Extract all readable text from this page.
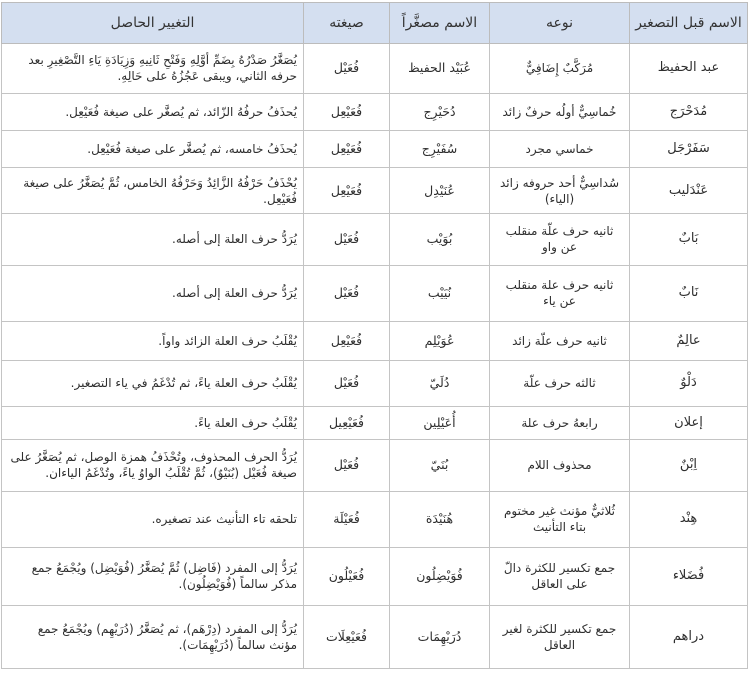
الاسم قبل التصغير	نوعه	الاسم مصغَّراً	صيغته	التغيير الحاصل
عبد الحفيظ	مُرَكَّبٌ إِضَافِيٌّ	عُبَيْد الحفيظ	فُعَيْل	يُصَغَّرُ صَدْرُهُ بِضَمِّ أوَّلِهِ وَفَتْحِ ثَانِيهِ وَزِيَادَةِ يَاءِ التَّصْغِيرِ بعد حرفه الثاني، ويبقى عَجُزُهُ على حَالِهِ.
مُدَحْرَج	خُماسِيٌّ أولُه حرفٌ زائد	دُحَيْرِج	فُعَيْعِل	يُحذَفُ حرفُهُ الزّائد، ثم يُصغَّر على صيغة فُعَيْعِل.
سَفَرْجَل	خماسي مجرد	سُفَيْرِج	فُعَيْعِل	يُحذَفُ خامسه، ثم يُصغَّر على صيغة فُعَيْعِل.
عَنْدَليب	سُداسِيٌّ أحد حروفه زائد (الياء)	عُنَيْدِل	فُعَيْعِل	يُحْذَفُ حَرْفُهُ الزَّائِدُ وَحَرْفُهُ الخامس، ثُمَّ يُصَغَّرُ على صيغة فُعَيْعِل.
بَابٌ	ثانيه حرف علّة منقلب عن واو	بُوَيْب	فُعَيْل	يُرَدُّ حرف العلة إلى أصله.
نَابٌ	ثانيه حرف علة منقلب عن ياء	نُيَيْب	فُعَيْل	يُرَدُّ حرف العلة إلى أصله.
عالِمٌ	ثانيه حرف علّة زائد	عُوَيْلِم	فُعَيْعِل	يُقْلَبُ حرف العلة الزائد واواً.
دَلْوٌ	ثالثه حرف علّة	دُلَيّ	فُعَيْل	يُقْلَبُ حرف العلة ياءً، ثم تُدْغَمُ في ياء التصغير.
إعلان	رابعهُ حرف علة	أُعَيْلِين	فُعَيْعِيل	يُقْلَبُ حرف العلة ياءً.
اِبْنٌ	محذوف اللام	بُنَيّ	فُعَيْل	يُرَدُّ الحرف المحذوف، وتُحْذَفُ همزة الوصل، ثم يُصَغَّرُ على صيغة فُعَيْل (بُنَيْوٌ)، ثُمَّ تُقْلَبُ الواوُ ياءً، وتُدْغَمُ الياءان.
هِنْد	ثُلاثيٌّ مؤنث غير مختوم بتاء التأنيث	هُنَيْدَة	فُعَيْلَة	تلحقه تاء التأنيث عند تصغيره.
فُضَلاء	جمع تكسير للكثرة دالّ على العاقل	فُوَيْضِلُون	فُعَيْلُون	يُرَدُّ إلى المفرد (فَاضِل) ثُمَّ يُصَغَّرُ (فُوَيْضِل) ويُجْمَعُ جمع مذكر سالماً (فُوَيْضِلُون).
دراهم	جمع تكسير للكثرة لغير العاقل	دُرَيْهِمَات	فُعَيْعِلَات	يُرَدُّ إلى المفرد (دِرْهَم)، ثم يُصَغَّرُ (دُرَيْهِم) ويُجْمَعُ جمع مؤنث سالماً (دُرَيْهِمَات).
